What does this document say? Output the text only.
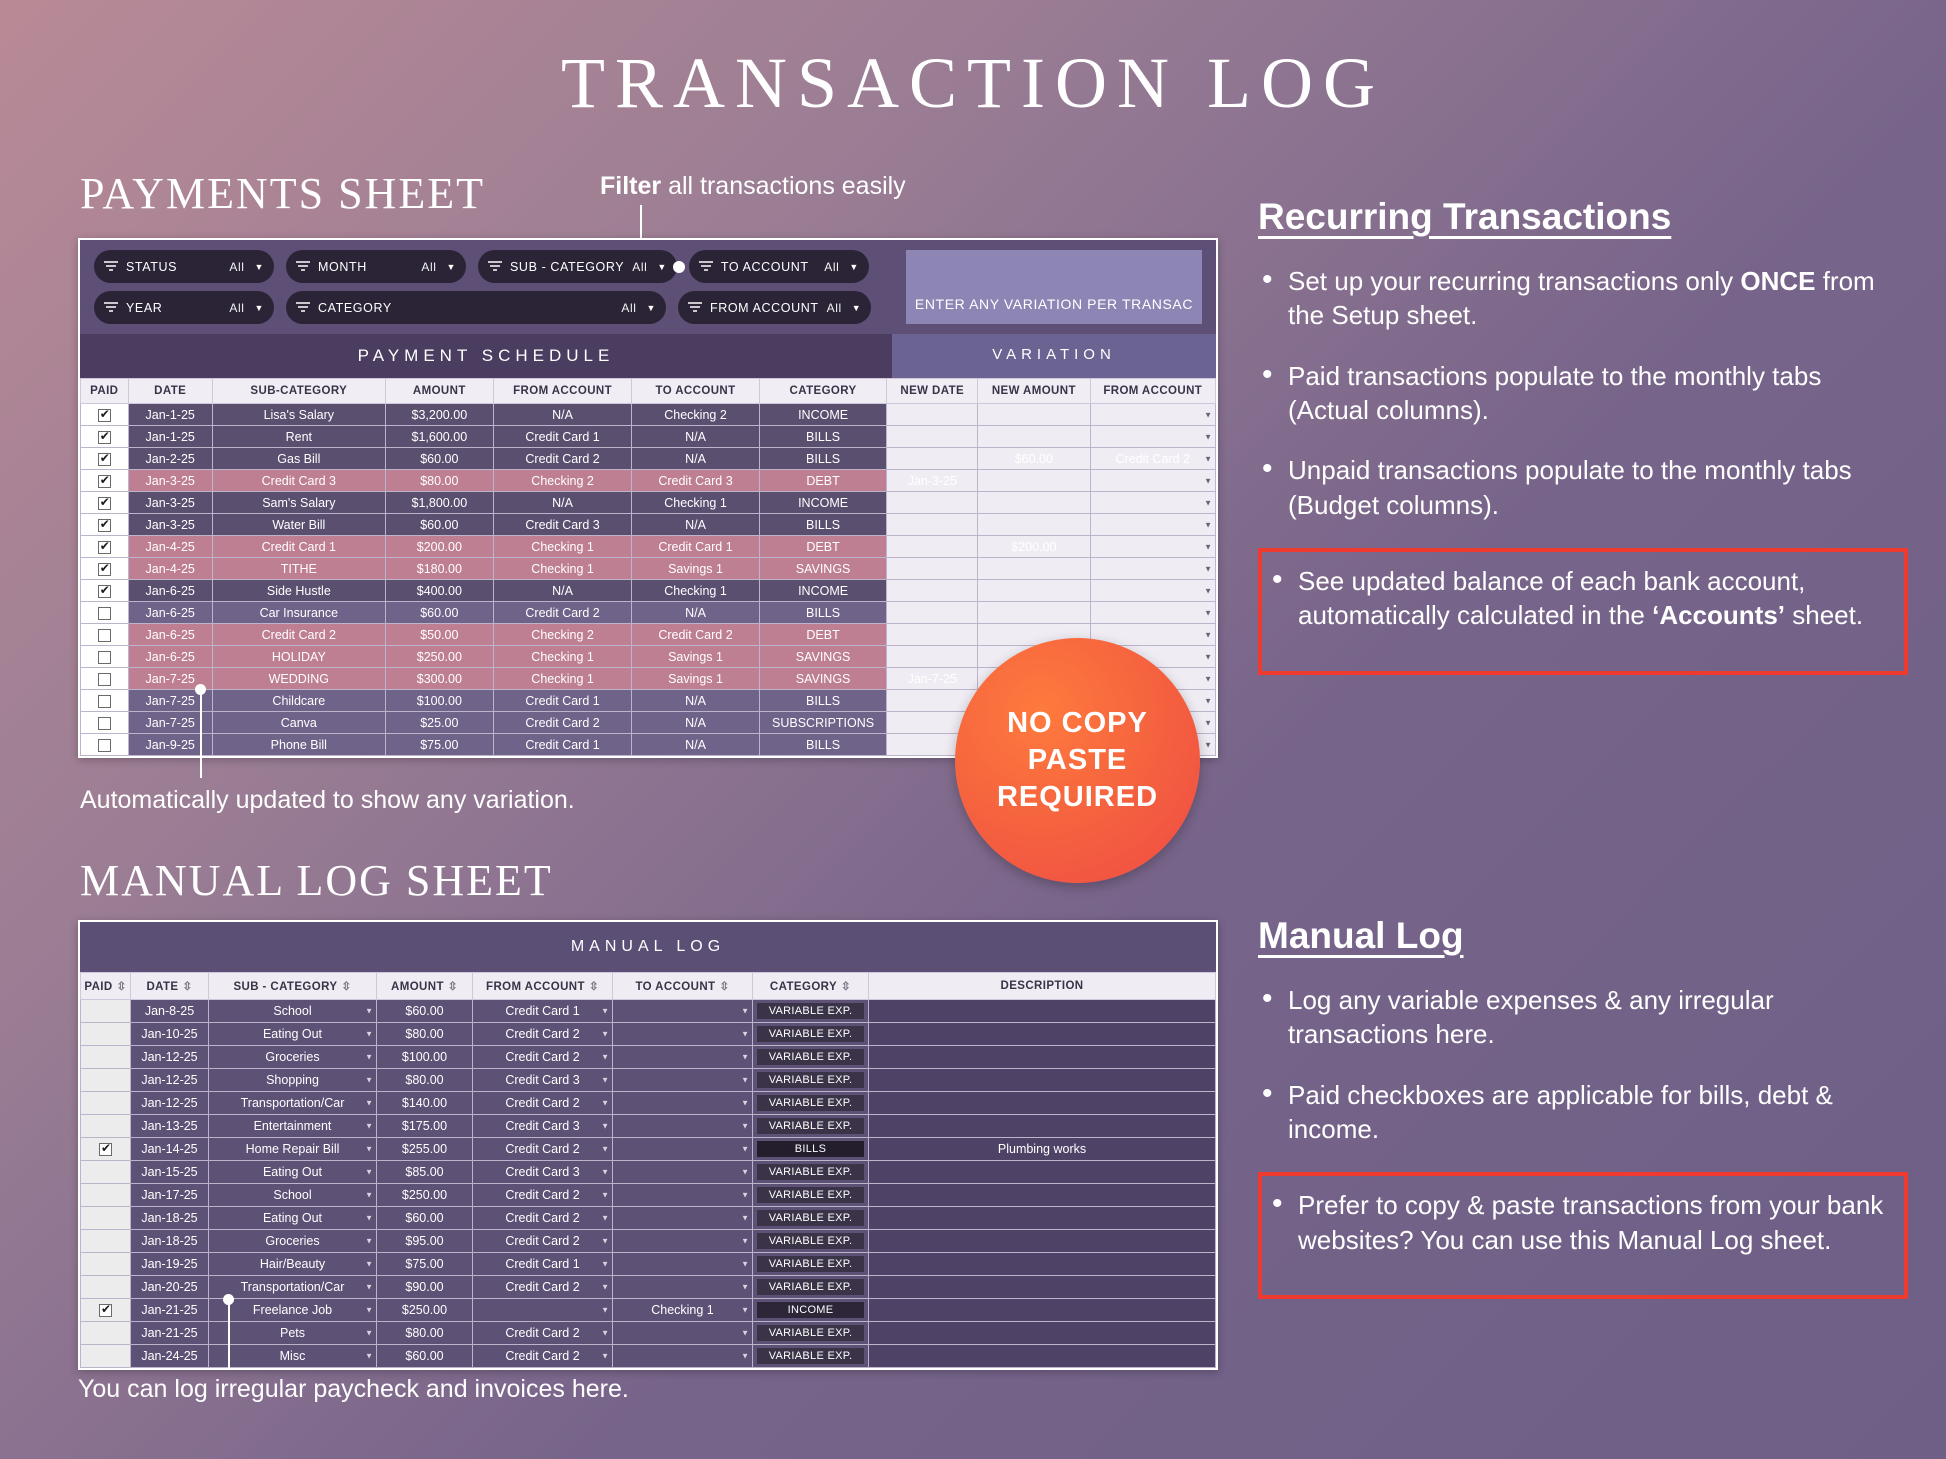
TRANSACTION LOG
PAYMENTS SHEET	Filter all transactions easily
STATUS	All ▼	MONTH	All ▼	SUB - CATEGORY All ▼	TO ACCOUNT	All ▼
YEAR	All ▼	CATEGORY	All ▼	FROM ACCOUNT All ▼	ENTER ANY VARIATION PER TRANSAC
PAYMENT SCHEDULE	VARIATION
PAID	DATE	SUB-CATEGORY	AMOUNT	FROM ACCOUNT	TO ACCOUNT	CATEGORY	NEW DATE	NEW AMOUNT	FROM ACCOUNT
✔	Jan-1-25	Lisa's Salary	$3,200.00	N/A	Checking 2	INCOME			▼

✔	Jan-1-25	Rent	$1,600.00	Credit Card 1	N/A	BILLS			▼

✔	Jan-2-25	Gas Bill	$60.00	Credit Card 2	N/A	BILLS		$60.00	Credit Card 2 ▼

✔	Jan-3-25	Credit Card 3	$80.00	Checking 2	Credit Card 3	DEBT	Jan-3-25		▼

✔	Jan-3-25	Sam's Salary	$1,800.00	N/A	Checking 1	INCOME			▼

✔	Jan-3-25	Water Bill	$60.00	Credit Card 3	N/A	BILLS			▼

✔	Jan-4-25	Credit Card 1	$200.00	Checking 1	Credit Card 1	DEBT		$200.00	▼

✔	Jan-4-25	TITHE	$180.00	Checking 1	Savings 1	SAVINGS			▼

✔	Jan-6-25	Side Hustle	$400.00	N/A	Checking 1	INCOME			▼

	Jan-6-25	Car Insurance	$60.00	Credit Card 2	N/A	BILLS			▼

	Jan-6-25	Credit Card 2	$50.00	Checking 2	Credit Card 2	DEBT			▼

	Jan-6-25	HOLIDAY	$250.00	Checking 1	Savings 1	SAVINGS			▼

	Jan-7-25	WEDDING	$300.00	Checking 1	Savings 1	SAVINGS	Jan-7-25		▼

	Jan-7-25	Childcare	$100.00	Credit Card 1	N/A	BILLS			▼

	Jan-7-25	Canva	$25.00	Credit Card 2	N/A	SUBSCRIPTIONS			▼

	Jan-9-25	Phone Bill	$75.00	Credit Card 1	N/A	BILLS			▼
NO COPY
PASTE
REQUIRED
Automatically updated to show any variation.
MANUAL LOG SHEET
MANUAL LOG
PAID ⇳	DATE ⇳	SUB - CATEGORY ⇳	AMOUNT ⇳	FROM ACCOUNT ⇳	TO ACCOUNT ⇳	CATEGORY ⇳	DESCRIPTION
	Jan-8-25	School ▼	$60.00	Credit Card 1 ▼	▼	VARIABLE EXP.	

	Jan-10-25	Eating Out ▼	$80.00	Credit Card 2 ▼	▼	VARIABLE EXP.	

	Jan-12-25	Groceries ▼	$100.00	Credit Card 2 ▼	▼	VARIABLE EXP.	

	Jan-12-25	Shopping ▼	$80.00	Credit Card 3 ▼	▼	VARIABLE EXP.	

	Jan-12-25	Transportation/Car ▼	$140.00	Credit Card 2 ▼	▼	VARIABLE EXP.	

	Jan-13-25	Entertainment ▼	$175.00	Credit Card 3 ▼	▼	VARIABLE EXP.	

✔	Jan-14-25	Home Repair Bill ▼	$255.00	Credit Card 2 ▼	▼	BILLS	Plumbing works
	Jan-15-25	Eating Out ▼	$85.00	Credit Card 3 ▼	▼	VARIABLE EXP.	

	Jan-17-25	School ▼	$250.00	Credit Card 2 ▼	▼	VARIABLE EXP.	

	Jan-18-25	Eating Out ▼	$60.00	Credit Card 2 ▼	▼	VARIABLE EXP.	

	Jan-18-25	Groceries ▼	$95.00	Credit Card 2 ▼	▼	VARIABLE EXP.	

	Jan-19-25	Hair/Beauty ▼	$75.00	Credit Card 1 ▼	▼	VARIABLE EXP.	

	Jan-20-25	Transportation/Car ▼	$90.00	Credit Card 2 ▼	▼	VARIABLE EXP.	

✔	Jan-21-25	Freelance Job ▼	$250.00	▼	Checking 1 ▼	INCOME	

	Jan-21-25	Pets ▼	$80.00	Credit Card 2 ▼	▼	VARIABLE EXP.	

	Jan-24-25	Misc ▼	$60.00	Credit Card 2 ▼	▼	VARIABLE EXP.	

You can log irregular paycheck and invoices here.
Recurring Transactions
• Set up your recurring transactions only ONCE from the Setup sheet.
• Paid transactions populate to the monthly tabs (Actual columns).
• Unpaid transactions populate to the monthly tabs (Budget columns).
• See updated balance of each bank account, automatically calculated in the ‘Accounts’ sheet.
Manual Log
• Log any variable expenses & any irregular transactions here.
• Paid checkboxes are applicable for bills, debt & income.
• Prefer to copy & paste transactions from your bank websites? You can use this Manual Log sheet.
